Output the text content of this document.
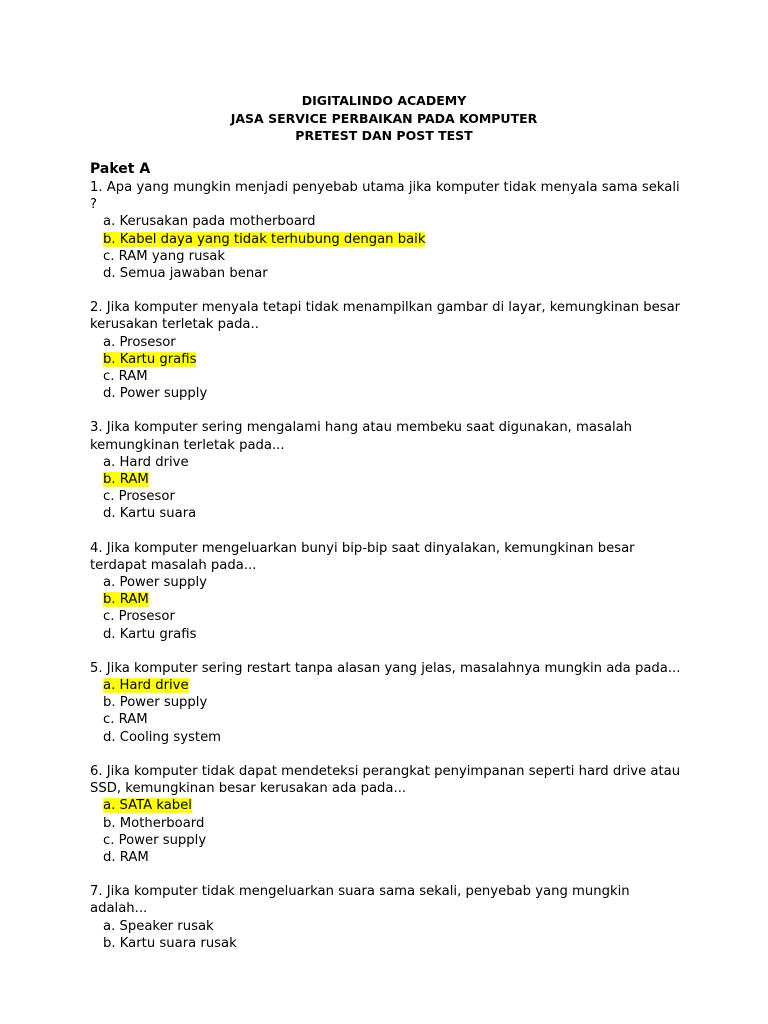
DIGITALINDO ACADEMY
JASA SERVICE PERBAIKAN PADA KOMPUTER
PRETEST DAN POST TEST
Paket A

1. Apa yang mungkin menjadi penyebab utama jika komputer tidak menyala sama sekali ?

a. Kerusakan pada motherboard
b. Kabel daya yang tidak terhubung dengan baik
c. RAM yang rusak
d. Semua jawaban benar

2. Jika komputer menyala tetapi tidak menampilkan gambar di layar, kemungkinan besar kerusakan terletak pada..

a. Prosesor
b. Kartu grafis
c. RAM
d. Power supply

3. Jika komputer sering mengalami hang atau membeku saat digunakan, masalah kemungkinan terletak pada...

a. Hard drive
b. RAM
c. Prosesor
d. Kartu suara

4. Jika komputer mengeluarkan bunyi bip-bip saat dinyalakan, kemungkinan besar terdapat masalah pada...

a. Power supply
b. RAM
c. Prosesor
d. Kartu grafis

5. Jika komputer sering restart tanpa alasan yang jelas, masalahnya mungkin ada pada...

a. Hard drive
b. Power supply
c. RAM
d. Cooling system

6. Jika komputer tidak dapat mendeteksi perangkat penyimpanan seperti hard drive atau SSD, kemungkinan besar kerusakan ada pada...

a. SATA kabel
b. Motherboard
c. Power supply
d. RAM

7. Jika komputer tidak mengeluarkan suara sama sekali, penyebab yang mungkin adalah...

a. Speaker rusak
b. Kartu suara rusak
